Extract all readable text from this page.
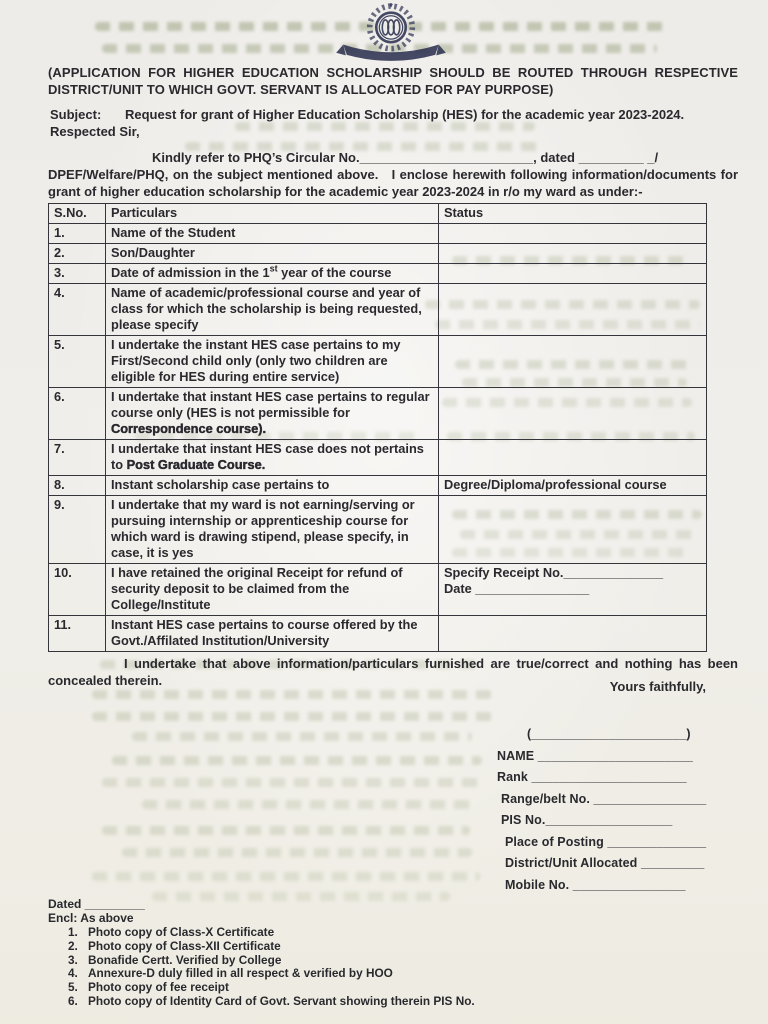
(APPLICATION FOR HIGHER EDUCATION SCHOLARSHIP SHOULD BE ROUTED THROUGH RESPECTIVE DISTRICT/UNIT TO WHICH GOVT. SERVANT IS ALLOCATED FOR PAY PURPOSE)

Subject:	Request for grant of Higher Education Scholarship (HES) for the academic year 2023-2024.

Respected Sir,

Kindly refer to PHQ’s Circular No.________________________, dated _________ _/

DPEF/Welfare/PHQ, on the subject mentioned above.   I enclose herewith following information/documents for grant of higher education scholarship for the academic year 2023-2024 in r/o my ward as under:-

S.No.	Particulars	Status
1.	Name of the Student	
2.	Son/Daughter	
3.	Date of admission in the 1st year of the course	
4.	Name of academic/professional course and year of class for which the scholarship is being requested, please specify	
5.	I undertake the instant HES case pertains to my First/Second child only (only two children are eligible for HES during entire service)	
6.	I undertake that instant HES case pertains to regular course only (HES is not permissible for Correspondence course).	
7.	I undertake that instant HES case does not pertains to Post Graduate Course.	
8.	Instant scholarship case pertains to	Degree/Diploma/professional course

9.	I undertake that my ward is not earning/serving or pursuing internship or apprenticeship course for which ward is drawing stipend, please specify, in case, it is yes	
10.	I have retained the original Receipt for refund of security deposit to be claimed from the College/Institute	Specify Receipt No.______________
Date ________________

11.	Instant HES case pertains to course offered by the Govt./Affilated Institution/University	

I undertake that above information/particulars furnished are true/correct and nothing has been concealed therein.	Yours faithfully,

(______________________)
NAME ______________________
Rank ______________________
Range/belt No. ________________
PIS No.__________________
Place of Posting ______________
District/Unit Allocated _________
Mobile No. ________________

Dated _________

Encl: As above

1. Photo copy of Class-X Certificate
2. Photo copy of Class-XII Certificate
3. Bonafide Certt. Verified by College
4. Annexure-D duly filled in all respect & verified by HOO
5. Photo copy of fee receipt
6. Photo copy of Identity Card of Govt. Servant showing therein PIS No.
